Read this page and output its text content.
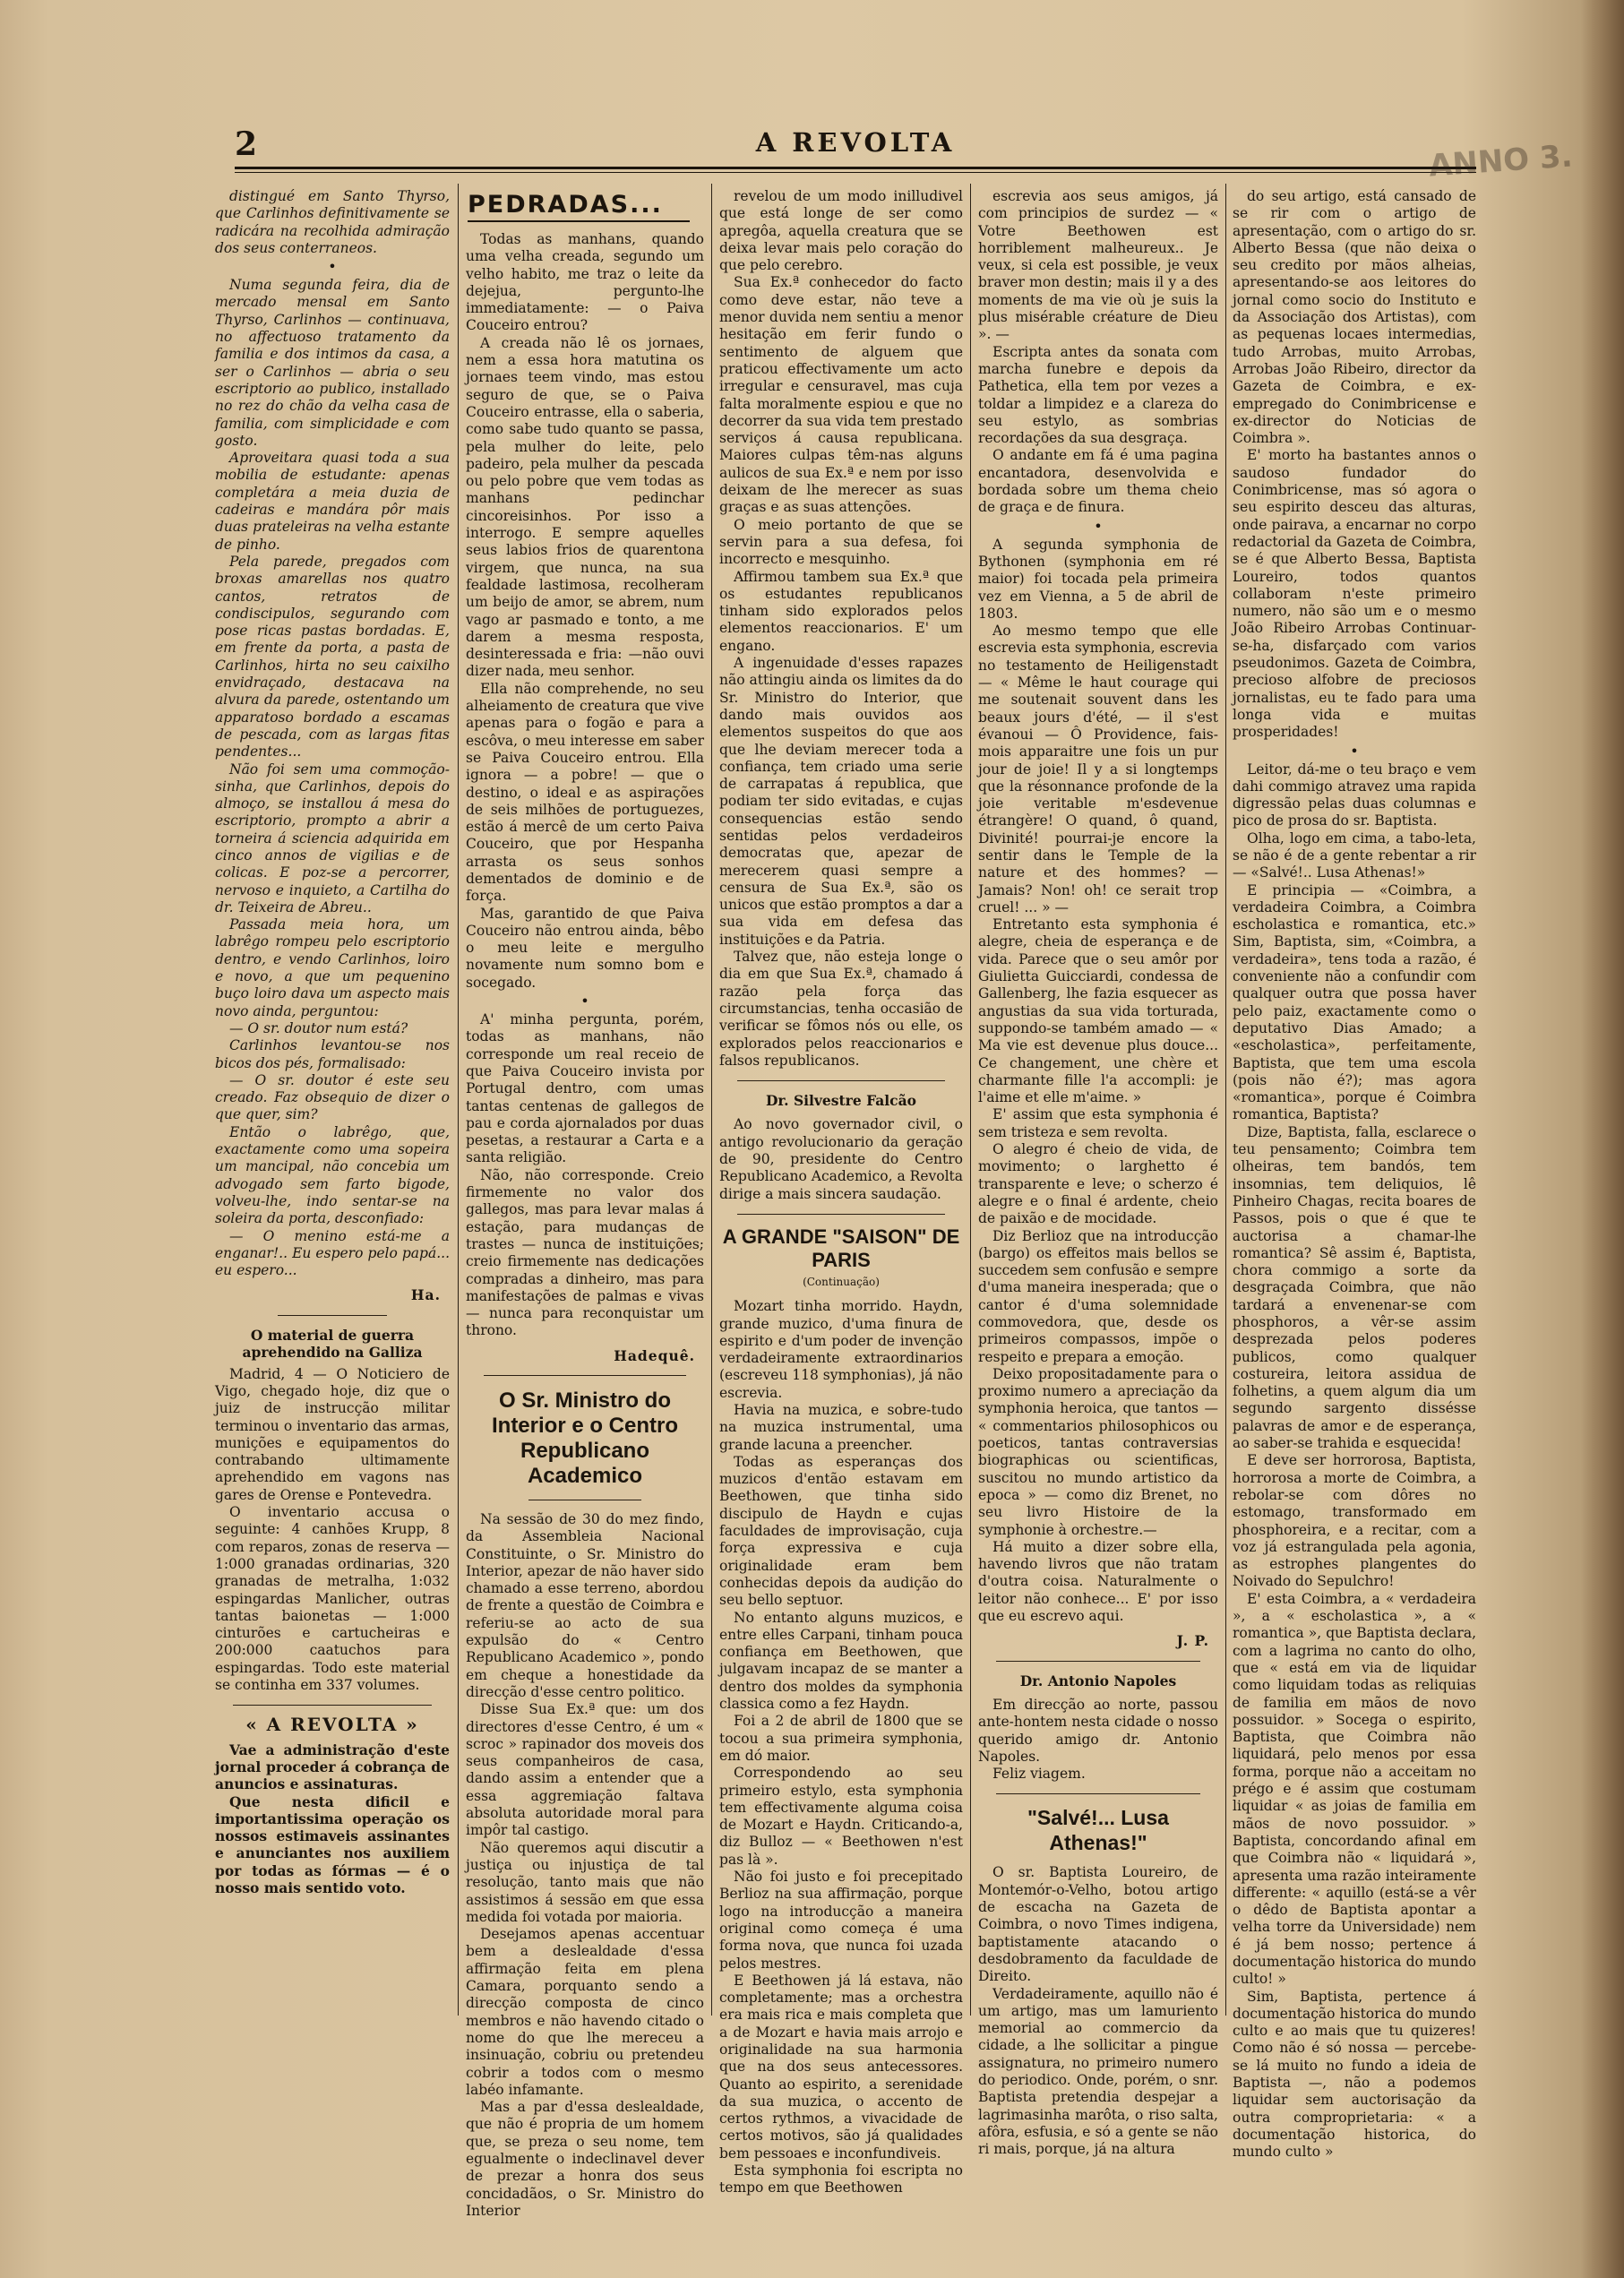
2	A REVOLTA	ANNO 3.

distingué em Santo Thyrso, que Carlinhos definitivamente se radicára na recolhida admiração dos seus conterraneos.

•

Numa segunda feira, dia de mercado mensal em Santo Thyrso, Carlinhos — continuava, no affectuoso tratamento da familia e dos intimos da casa, a ser o Carlinhos — abria o seu escriptorio ao publico, installado no rez do chão da velha casa de familia, com simplicidade e com gosto.

Aproveitara quasi toda a sua mobilia de estudante: apenas completára a meia duzia de cadeiras e mandára pôr mais duas prateleiras na velha estante de pinho.

Pela parede, pregados com broxas amarellas nos quatro cantos, retratos de condiscipulos, segurando com pose ricas pastas bordadas. E, em frente da porta, a pasta de Carlinhos, hirta no seu caixilho envidraçado, destacava na alvura da parede, ostentando um apparatoso bordado a escamas de pescada, com as largas fitas pendentes...

Não foi sem uma commoção-sinha, que Carlinhos, depois do almoço, se installou á mesa do escriptorio, prompto a abrir a torneira á sciencia adquirida em cinco annos de vigilias e de colicas. E poz-se a percorrer, nervoso e inquieto, a Cartilha do dr. Teixeira de Abreu..

Passada meia hora, um labrêgo rompeu pelo escriptorio dentro, e vendo Carlinhos, loiro e novo, a que um pequenino buço loiro dava um aspecto mais novo ainda, perguntou:

— O sr. doutor num está?

Carlinhos levantou-se nos bicos dos pés, formalisado:

— O sr. doutor é este seu creado. Faz obsequio de dizer o que quer, sim?

Então o labrêgo, que, exactamente como uma sopeira um mancipal, não concebia um advogado sem farto bigode, volveu-lhe, indo sentar-se na soleira da porta, desconfiado:

— O menino está-me a enganar!.. Eu espero pelo papá... eu espero...

Ha.
O material de guerra aprehendido na Galliza

Madrid, 4 — O Noticiero de Vigo, chegado hoje, diz que o juiz de instrucção militar terminou o inventario das armas, munições e equipamentos do contrabando ultimamente aprehendido em vagons nas gares de Orense e Pontevedra.

O inventario accusa o seguinte: 4 canhões Krupp, 8 com reparos, zonas de reserva — 1:000 granadas ordinarias, 320 granadas de metralha, 1:032 espingardas Manlicher, outras tantas baionetas — 1:000 cinturões e cartucheiras e 200:000 caatuchos para espingardas. Todo este material se continha em 337 volumes.

« A REVOLTA »

Vae a administração d'este jornal proceder á cobrança de anuncios e assinaturas.

Que nesta dificil e importantissima operação os nossos estimaveis assinantes e anunciantes nos auxiliem por todas as fórmas — é o nosso mais sentido voto.

PEDRADAS...

Todas as manhans, quando uma velha creada, segundo um velho habito, me traz o leite da dejejua, pergunto-lhe immediatamente: — o Paiva Couceiro entrou?

A creada não lê os jornaes, nem a essa hora matutina os jornaes teem vindo, mas estou seguro de que, se o Paiva Couceiro entrasse, ella o saberia, como sabe tudo quanto se passa, pela mulher do leite, pelo padeiro, pela mulher da pescada ou pelo pobre que vem todas as manhans pedinchar cincoreisinhos. Por isso a interrogo. E sempre aquelles seus labios frios de quarentona virgem, que nunca, na sua fealdade lastimosa, recolheram um beijo de amor, se abrem, num vago ar pasmado e tonto, a me darem a mesma resposta, desinteressada e fria: —não ouvi dizer nada, meu senhor.

Ella não comprehende, no seu alheiamento de creatura que vive apenas para o fogão e para a escôva, o meu interesse em saber se Paiva Couceiro entrou. Ella ignora — a pobre! — que o destino, o ideal e as aspirações de seis milhões de portuguezes, estão á mercê de um certo Paiva Couceiro, que por Hespanha arrasta os seus sonhos dementados de dominio e de força.

Mas, garantido de que Paiva Couceiro não entrou ainda, bêbo o meu leite e mergulho novamente num somno bom e socegado.

•

A' minha pergunta, porém, todas as manhans, não corresponde um real receio de que Paiva Couceiro invista por Portugal dentro, com umas tantas centenas de gallegos de pau e corda ajornalados por duas pesetas, a restaurar a Carta e a santa religião.

Não, não corresponde. Creio firmemente no valor dos gallegos, mas para levar malas á estação, para mudanças de trastes — nunca de instituições; creio firmemente nas dedicações compradas a dinheiro, mas para manifestações de palmas e vivas — nunca para reconquistar um throno.

Hadequê.
O Sr. Ministro do Interior e o Centro Republicano Academico

Na sessão de 30 do mez findo, da Assembleia Nacional Constituinte, o Sr. Ministro do Interior, apezar de não haver sido chamado a esse terreno, abordou de frente a questão de Coimbra e referiu-se ao acto de sua expulsão do « Centro Republicano Academico », pondo em cheque a honestidade da direcção d'esse centro politico.

Disse Sua Ex.ª que: um dos directores d'esse Centro, é um « scroc » rapinador dos moveis dos seus companheiros de casa, dando assim a entender que a essa aggremiação faltava absoluta autoridade moral para impôr tal castigo.

Não queremos aqui discutir a justiça ou injustiça de tal resolução, tanto mais que não assistimos á sessão em que essa medida foi votada por maioria.

Desejamos apenas accentuar bem a deslealdade d'essa affirmação feita em plena Camara, porquanto sendo a direcção composta de cinco membros e não havendo citado o nome do que lhe mereceu a insinuação, cobriu ou pretendeu cobrir a todos com o mesmo labéo infamante.

Mas a par d'essa deslealdade, que não é propria de um homem que, se preza o seu nome, tem egualmente o indeclinavel dever de prezar a honra dos seus concidadãos, o Sr. Ministro do Interior

revelou de um modo inilludivel que está longe de ser como apregôa, aquella creatura que se deixa levar mais pelo coração do que pelo cerebro.

Sua Ex.ª conhecedor do facto como deve estar, não teve a menor duvida nem sentiu a menor hesitação em ferir fundo o sentimento de alguem que praticou effectivamente um acto irregular e censuravel, mas cuja falta moralmente espiou e que no decorrer da sua vida tem prestado serviços á causa republicana. Maiores culpas têm-nas alguns aulicos de sua Ex.ª e nem por isso deixam de lhe merecer as suas graças e as suas attenções.

O meio portanto de que se servin para a sua defesa, foi incorrecto e mesquinho.

Affirmou tambem sua Ex.ª que os estudantes republicanos tinham sido explorados pelos elementos reaccionarios. E' um engano.

A ingenuidade d'esses rapazes não attingiu ainda os limites da do Sr. Ministro do Interior, que dando mais ouvidos aos elementos suspeitos do que aos que lhe deviam merecer toda a confiança, tem criado uma serie de carrapatas á republica, que podiam ter sido evitadas, e cujas consequencias estão sendo sentidas pelos verdadeiros democratas que, apezar de merecerem quasi sempre a censura de Sua Ex.ª, são os unicos que estão promptos a dar a sua vida em defesa das instituições e da Patria.

Talvez que, não esteja longe o dia em que Sua Ex.ª, chamado á razão pela força das circumstancias, tenha occasião de verificar se fômos nós ou elle, os explorados pelos reaccionarios e falsos republicanos.

Dr. Silvestre Falcão

Ao novo governador civil, o antigo revolucionario da geração de 90, presidente do Centro Republicano Academico, a Revolta dirige a mais sincera saudação.

A GRANDE "SAISON" DE PARIS
(Continuação)

Mozart tinha morrido. Haydn, grande muzico, d'uma finura de espirito e d'um poder de invenção verdadeiramente extraordinarios (escreveu 118 symphonias), já não escrevia.

Havia na muzica, e sobre-tudo na muzica instrumental, uma grande lacuna a preencher.

Todas as esperanças dos muzicos d'então estavam em Beethowen, que tinha sido discipulo de Haydn e cujas faculdades de improvisação, cuja força expressiva e cuja originalidade eram bem conhecidas depois da audição do seu bello septuor.

No entanto alguns muzicos, e entre elles Carpani, tinham pouca confiança em Beethowen, que julgavam incapaz de se manter a dentro dos moldes da symphonia classica como a fez Haydn.

Foi a 2 de abril de 1800 que se tocou a sua primeira symphonia, em dó maior.

Correspondendo ao seu primeiro estylo, esta symphonia tem effectivamente alguma coisa de Mozart e Haydn. Criticando-a, diz Bulloz — « Beethowen n'est pas là ».

Não foi justo e foi precepitado Berlioz na sua affirmação, porque logo na introducção a maneira original como começa é uma forma nova, que nunca foi uzada pelos mestres.

E Beethowen já lá estava, não completamente; mas a orchestra era mais rica e mais completa que a de Mozart e havia mais arrojo e originalidade na sua harmonia que na dos seus antecessores. Quanto ao espirito, a serenidade da sua muzica, o accento de certos rythmos, a vivacidade de certos motivos, são já qualidades bem pessoaes e inconfundiveis.

Esta symphonia foi escripta no tempo em que Beethowen

escrevia aos seus amigos, já com principios de surdez — « Votre Beethowen est horriblement malheureux.. Je veux, si cela est possible, je veux braver mon destin; mais il y a des moments de ma vie où je suis la plus misérable créature de Dieu ». —

Escripta antes da sonata com marcha funebre e depois da Pathetica, ella tem por vezes a toldar a limpidez e a clareza do seu estylo, as sombrias recordações da sua desgraça.

O andante em fá é uma pagina encantadora, desenvolvida e bordada sobre um thema cheio de graça e de finura.

•

A segunda symphonia de Bythonen (symphonia em ré maior) foi tocada pela primeira vez em Vienna, a 5 de abril de 1803.

Ao mesmo tempo que elle escrevia esta symphonia, escrevia no testamento de Heiligenstadt — « Même le haut courage qui me soutenait souvent dans les beaux jours d'été, — il s'est évanoui — Ô Providence, fais-mois apparaitre une fois un pur jour de joie! Il y a si longtemps que la résonnance profonde de la joie veritable m'esdevenue étrangère! O quand, ô quand, Divinité! pourrai-je encore la sentir dans le Temple de la nature et des hommes? — Jamais? Non! oh! ce serait trop cruel! ... » —

Entretanto esta symphonia é alegre, cheia de esperança e de vida. Parece que o seu amôr por Giulietta Guicciardi, condessa de Gallenberg, lhe fazia esquecer as angustias da sua vida torturada, suppondo-se também amado — « Ma vie est devenue plus douce... Ce changement, une chère et charmante fille l'a accompli: je l'aime et elle m'aime. »

E' assim que esta symphonia é sem tristeza e sem revolta.

O alegro é cheio de vida, de movimento; o larghetto é transparente e leve; o scherzo é alegre e o final é ardente, cheio de paixão e de mocidade.

Diz Berlioz que na introducção (bargo) os effeitos mais bellos se succedem sem confusão e sempre d'uma maneira inesperada; que o cantor é d'uma solemnidade commovedora, que, desde os primeiros compassos, impõe o respeito e prepara a emoção.

Deixo propositadamente para o proximo numero a apreciação da symphonia heroica, que tantos — « commentarios philosophicos ou poeticos, tantas contraversias biographicas ou scientificas, suscitou no mundo artistico da epoca » — como diz Brenet, no seu livro Histoire de la symphonie à orchestre.—

Há muito a dizer sobre ella, havendo livros que não tratam d'outra coisa. Naturalmente o leitor não conhece... E' por isso que eu escrevo aqui.

J. P.
Dr. Antonio Napoles

Em direcção ao norte, passou ante-hontem nesta cidade o nosso querido amigo dr. Antonio Napoles.

Feliz viagem.

"Salvé!... Lusa Athenas!"

O sr. Baptista Loureiro, de Montemór-o-Velho, botou artigo de escacha na Gazeta de Coimbra, o novo Times indigena, baptistamente atacando o desdobramento da faculdade de Direito.

Verdadeiramente, aquillo não é um artigo, mas um lamuriento memorial ao commercio da cidade, a lhe sollicitar a pingue assignatura, no primeiro numero do periodico. Onde, porém, o snr. Baptista pretendia despejar a lagrimasinha marôta, o riso salta, afôra, esfusia, e só a gente se não ri mais, porque, já na altura

do seu artigo, está cansado de se rir com o artigo de apresentação, com o artigo do sr. Alberto Bessa (que não deixa o seu credito por mãos alheias, apresentando-se aos leitores do jornal como socio do Instituto e da Associação dos Artistas), com as pequenas locaes intermedias, tudo Arrobas, muito Arrobas, Arrobas João Ribeiro, director da Gazeta de Coimbra, e ex-empregado do Conimbricense e ex-director do Noticias de Coimbra ».

E' morto ha bastantes annos o saudoso fundador do Conimbricense, mas só agora o seu espirito desceu das alturas, onde pairava, a encarnar no corpo redactorial da Gazeta de Coimbra, se é que Alberto Bessa, Baptista Loureiro, todos quantos collaboram n'este primeiro numero, não são um e o mesmo João Ribeiro Arrobas Continuar-se-ha, disfarçado com varios pseudonimos. Gazeta de Coimbra, precioso alfobre de preciosos jornalistas, eu te fado para uma longa vida e muitas prosperidades!

•

Leitor, dá-me o teu braço e vem dahi commigo atravez uma rapida digressão pelas duas columnas e pico de prosa do sr. Baptista.

Olha, logo em cima, a tabo-leta, se não é de a gente rebentar a rir — «Salvé!.. Lusa Athenas!»

E principia — «Coimbra, a verdadeira Coimbra, a Coimbra escholastica e romantica, etc.» Sim, Baptista, sim, «Coimbra, a verdadeira», tens toda a razão, é conveniente não a confundir com qualquer outra que possa haver pelo paiz, exactamente como o deputativo Dias Amado; a «escholastica», perfeitamente, Baptista, que tem uma escola (pois não é?); mas agora «romantica», porque é Coimbra romantica, Baptista?

Dize, Baptista, falla, esclarece o teu pensamento; Coimbra tem olheiras, tem bandós, tem insomnias, tem deliquios, lê Pinheiro Chagas, recita boares de Passos, pois o que é que te auctorisa a chamar-lhe romantica? Sê assim é, Baptista, chora commigo a sorte da desgraçada Coimbra, que não tardará a envenenar-se com phosphoros, a vêr-se assim desprezada pelos poderes publicos, como qualquer costureira, leitora assidua de folhetins, a quem algum dia um segundo sargento dissésse palavras de amor e de esperança, ao saber-se trahida e esquecida!

E deve ser horrorosa, Baptista, horrorosa a morte de Coimbra, a rebolar-se com dôres no estomago, transformado em phosphoreira, e a recitar, com a voz já estrangulada pela agonia, as estrophes plangentes do Noivado do Sepulchro!

E' esta Coimbra, a « verdadeira », a « escholastica », a « romantica », que Baptista declara, com a lagrima no canto do olho, que « está em via de liquidar como liquidam todas as reliquias de familia em mãos de novo possuidor. » Socega o espirito, Baptista, que Coimbra não liquidará, pelo menos por essa forma, porque não a acceitam no prégo e é assim que costumam liquidar « as joias de familia em mãos de novo possuidor. » Baptista, concordando afinal em que Coimbra não « liquidará », apresenta uma razão inteiramente differente: « aquillo (está-se a vêr o dêdo de Baptista apontar a velha torre da Universidade) nem é já bem nosso; pertence á documentação historica do mundo culto! »

Sim, Baptista, pertence á documentação historica do mundo culto e ao mais que tu quizeres! Como não é só nossa — percebe-se lá muito no fundo a ideia de Baptista —, não a podemos liquidar sem auctorisação da outra comproprietaria: « a documentação historica, do mundo culto »
